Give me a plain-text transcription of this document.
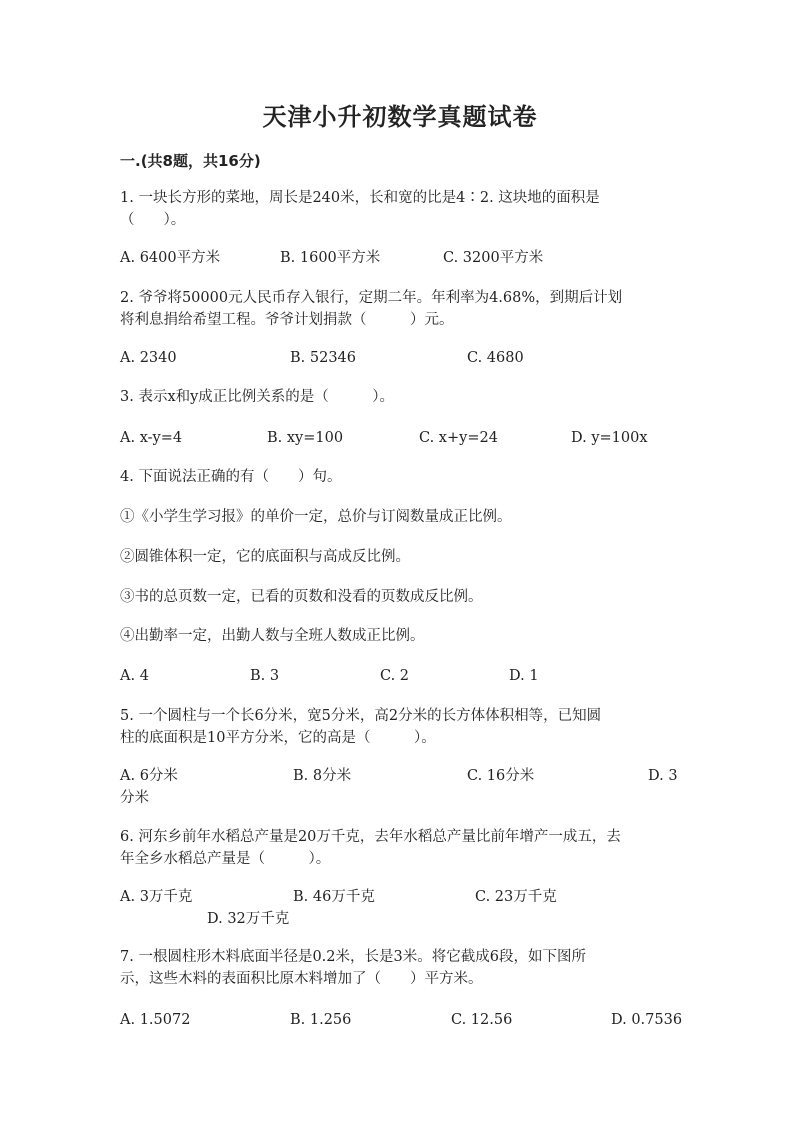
天津小升初数学真题试卷
一.(共8题，共16分)
1. 一块长方形的菜地，周长是240米，长和宽的比是4∶2. 这块地的面积是
（　　）。
A. 6400平方米	B. 1600平方米	C. 3200平方米
2. 爷爷将50000元人民币存入银行，定期二年。年利率为4.68%，到期后计划
将利息捐给希望工程。爷爷计划捐款（　　　）元。
A. 2340	B. 52346	C. 4680
3. 表示x和y成正比例关系的是（　　　）。
A. x-y=4	B. xy=100	C. x+y=24	D. y=100x
4. 下面说法正确的有（　　）句。
①《小学生学习报》的单价一定，总价与订阅数量成正比例。
②圆锥体积一定，它的底面积与高成反比例。
③书的总页数一定，已看的页数和没看的页数成反比例。
④出勤率一定，出勤人数与全班人数成正比例。
A. 4	B. 3	C. 2	D. 1
5. 一个圆柱与一个长6分米，宽5分米，高2分米的长方体体积相等，已知圆
柱的底面积是10平方分米，它的高是（　　　）。
A. 6分米	B. 8分米	C. 16分米	D. 3
分米
6. 河东乡前年水稻总产量是20万千克，去年水稻总产量比前年增产一成五，去
年全乡水稻总产量是（　　　）。
A. 3万千克	B. 46万千克	C. 23万千克
D. 32万千克
7. 一根圆柱形木料底面半径是0.2米，长是3米。将它截成6段，如下图所
示，这些木料的表面积比原木料增加了（　　）平方米。
A. 1.5072	B. 1.256	C. 12.56	D. 0.7536
